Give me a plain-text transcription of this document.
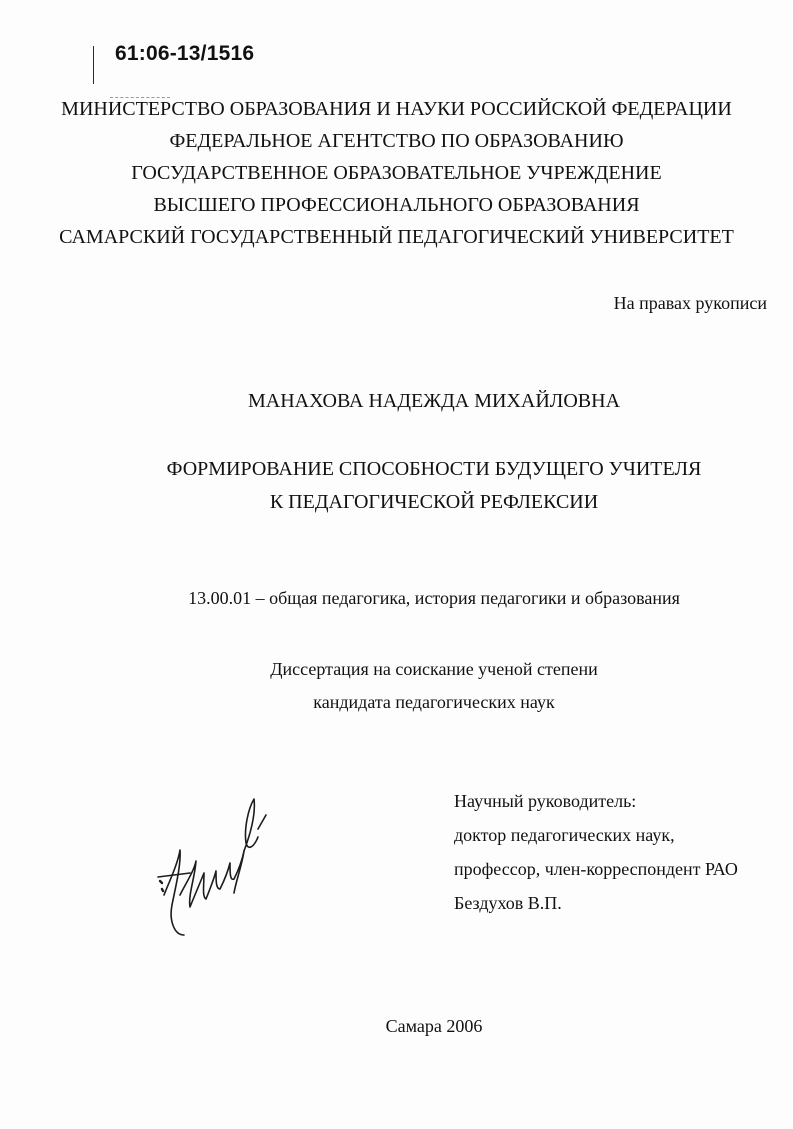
61:06-13/1516
МИНИСТЕРСТВО ОБРАЗОВАНИЯ И НАУКИ РОССИЙСКОЙ ФЕДЕРАЦИИ
ФЕДЕРАЛЬНОЕ АГЕНТСТВО ПО ОБРАЗОВАНИЮ
ГОСУДАРСТВЕННОЕ ОБРАЗОВАТЕЛЬНОЕ УЧРЕЖДЕНИЕ
ВЫСШЕГО ПРОФЕССИОНАЛЬНОГО ОБРАЗОВАНИЯ
САМАРСКИЙ ГОСУДАРСТВЕННЫЙ ПЕДАГОГИЧЕСКИЙ УНИВЕРСИТЕТ
На правах рукописи
МАНАХОВА НАДЕЖДА МИХАЙЛОВНА
ФОРМИРОВАНИЕ СПОСОБНОСТИ БУДУЩЕГО УЧИТЕЛЯ
К ПЕДАГОГИЧЕСКОЙ РЕФЛЕКСИИ
13.00.01 – общая педагогика, история педагогики и образования
Диссертация на соискание ученой степени
кандидата педагогических наук
Научный руководитель:
доктор педагогических наук,
профессор, член-корреспондент РАО
Бездухов В.П.
Самара 2006
